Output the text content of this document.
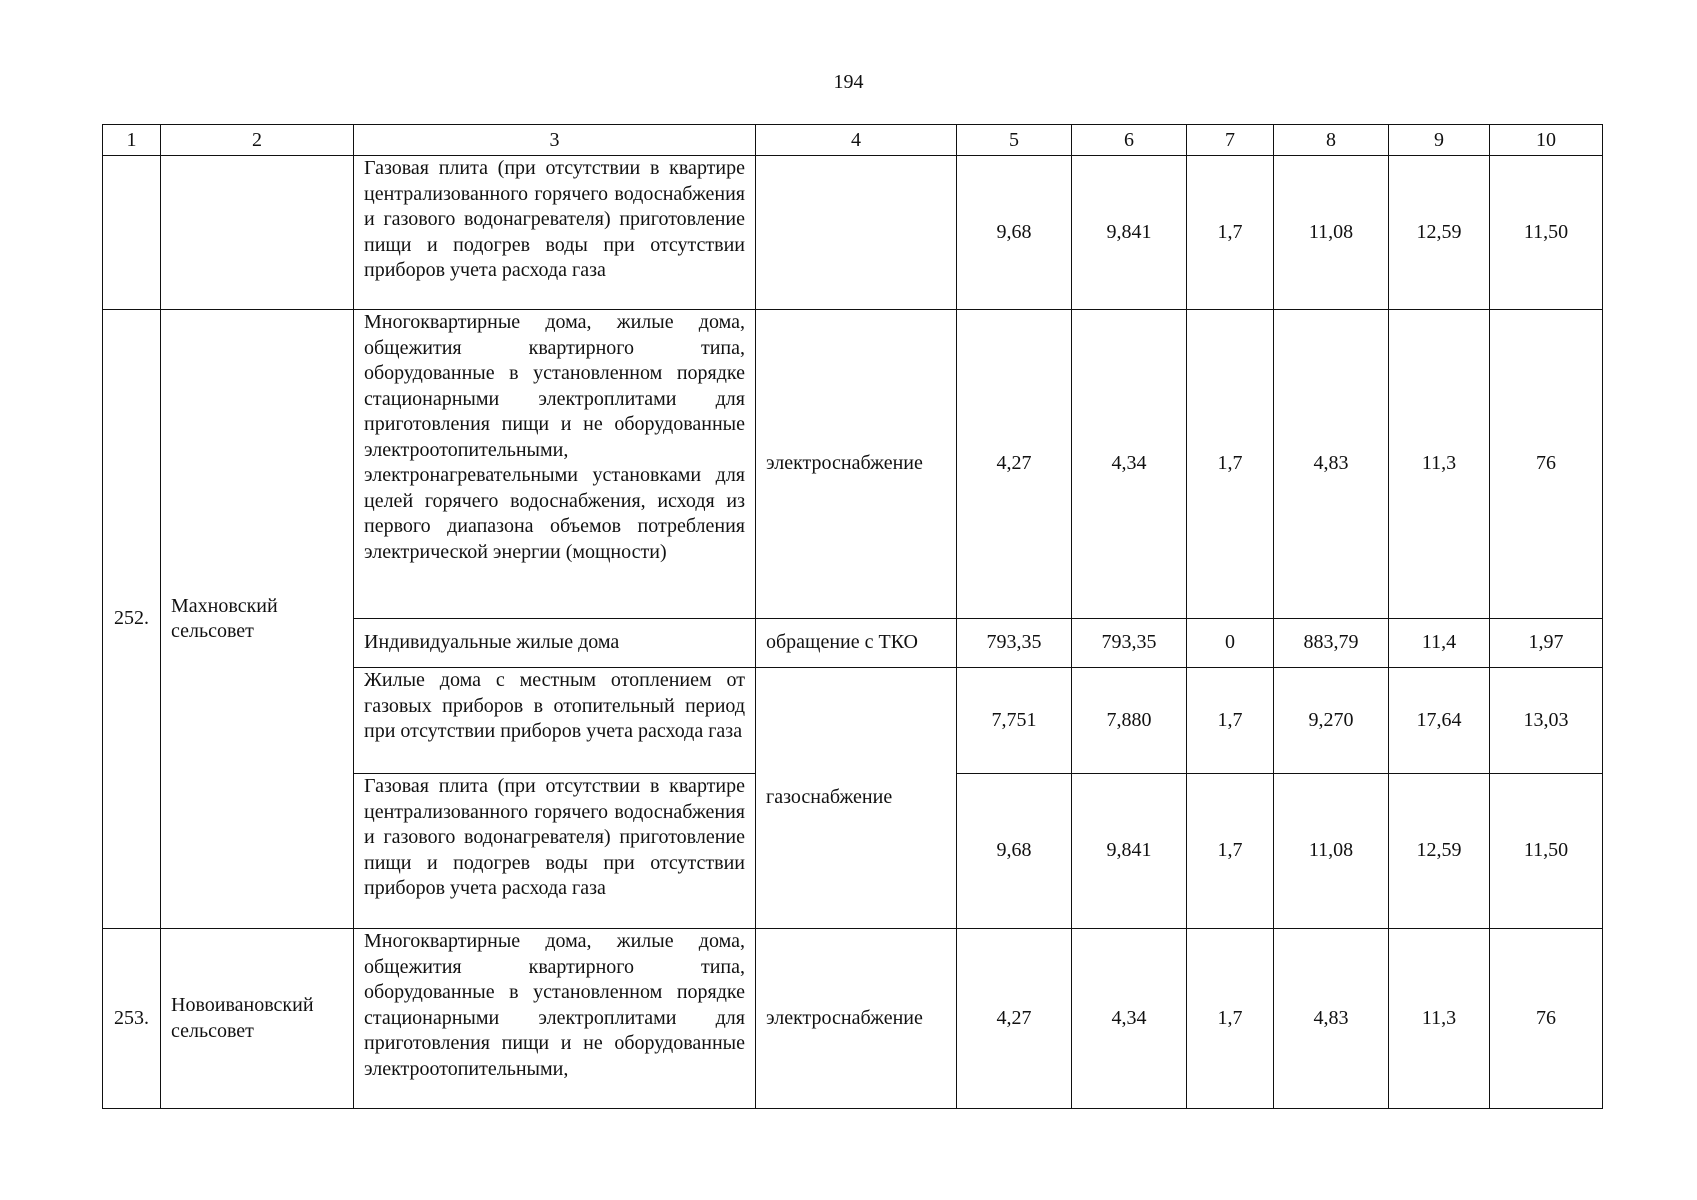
194
1	2	3	4	5	6	7	8	9	10
		Газовая плита (при отсутствии в квартире централизованного горячего водоснабжения и газового водонагревателя) приготовление пищи и подогрев воды при отсутствии приборов учета расхода газа		9,68	9,841	1,7	11,08	12,59	11,50
252.	Махновский сельсовет	Многоквартирные дома, жилые дома, общежития квартирного типа, оборудованные в установленном порядке стационарными электроплитами для приготовления пищи и не оборудованные электроотопительными, электронагревательными установками для целей горячего водоснабжения, исходя из первого диапазона объемов потребления электрической энергии (мощности)	электроснабжение	4,27	4,34	1,7	4,83	11,3	76
		Индивидуальные жилые дома	обращение с ТКО	793,35	793,35	0	883,79	11,4	1,97
		Жилые дома с местным отоплением от газовых приборов в отопительный период при отсутствии приборов учета расхода газа	газоснабжение	7,751	7,880	1,7	9,270	17,64	13,03
		Газовая плита (при отсутствии в квартире централизованного горячего водоснабжения и газового водонагревателя) приготовление пищи и подогрев воды при отсутствии приборов учета расхода газа		9,68	9,841	1,7	11,08	12,59	11,50
253.	Новоивановский сельсовет	Многоквартирные дома, жилые дома, общежития квартирного типа, оборудованные в установленном порядке стационарными электроплитами для приготовления пищи и не оборудованные электроотопительными,	электроснабжение	4,27	4,34	1,7	4,83	11,3	76
